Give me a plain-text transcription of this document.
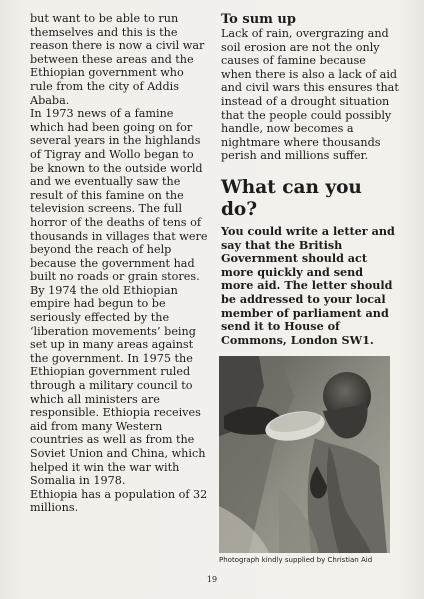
but want to be able to run themselves and this is the reason there is now a civil war between these areas and the Ethiopian government who rule from the city of Addis Ababa.

In 1973 news of a famine which had been going on for several years in the highlands of Tigray and Wollo began to be known to the outside world and we eventually saw the result of this famine on the television screens. The full horror of the deaths of tens of thousands in villages that were beyond the reach of help because the government had built no roads or grain stores.

By 1974 the old Ethiopian empire had begun to be seriously effected by the ‘liberation movements’ being set up in many areas against the government. In 1975 the Ethiopian government ruled through a military council to which all ministers are responsible. Ethiopia receives aid from many Western countries as well as from the Soviet Union and China, which helped it win the war with Somalia in 1978.

Ethiopia has a population of 32 millions.

To sum up

Lack of rain, overgrazing and soil erosion are not the only causes of famine because when there is also a lack of aid and civil wars this ensures that instead of a drought situation that the people could possibly handle, now becomes a nightmare where thousands perish and millions suffer.

What can you do?

You could write a letter and say that the British Government should act more quickly and send more aid. The letter should be addressed to your local member of parliament and send it to House of Commons, London SW1.

Photograph kindly supplied by Christian Aid
19
